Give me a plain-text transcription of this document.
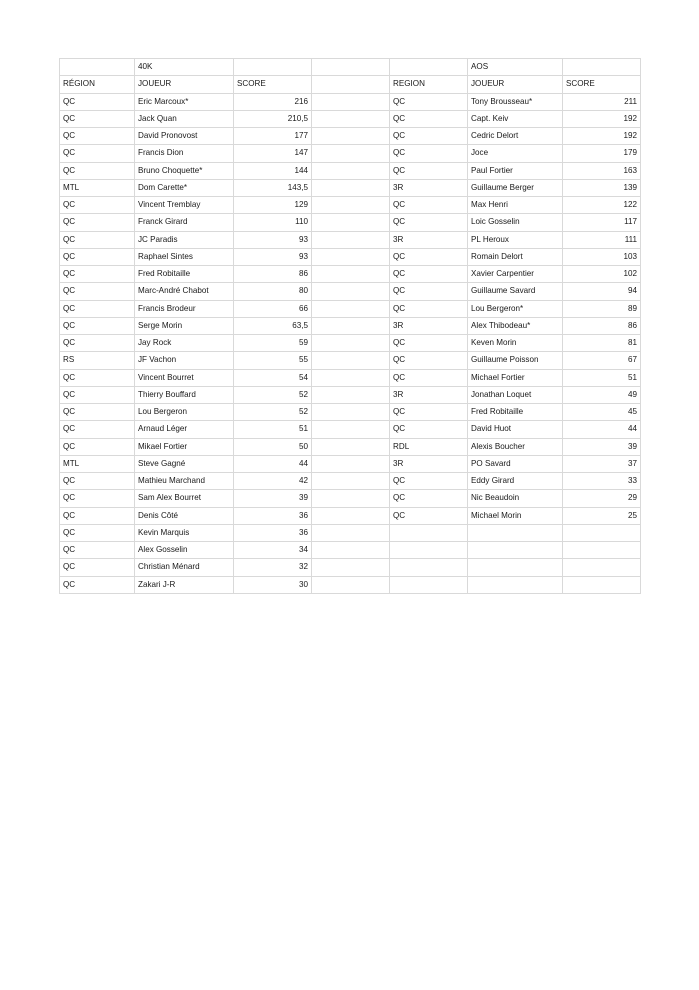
	40K				AOS	
RÉGION	JOUEUR	SCORE		REGION	JOUEUR	SCORE
QC	Eric Marcoux*	216		QC	Tony Brousseau*	211
QC	Jack Quan	210,5		QC	Capt. Keiv	192
QC	David Pronovost	177		QC	Cedric Delort	192
QC	Francis Dion	147		QC	Joce	179
QC	Bruno Choquette*	144		QC	Paul Fortier	163
MTL	Dom Carette*	143,5		3R	Guillaume Berger	139
QC	Vincent Tremblay	129		QC	Max Henri	122
QC	Franck Girard	110		QC	Loic Gosselin	117
QC	JC Paradis	93		3R	PL Heroux	111
QC	Raphael Sintes	93		QC	Romain Delort	103
QC	Fred Robitaille	86		QC	Xavier Carpentier	102
QC	Marc-André Chabot	80		QC	Guillaume Savard	94
QC	Francis Brodeur	66		QC	Lou Bergeron*	89
QC	Serge Morin	63,5		3R	Alex Thibodeau*	86
QC	Jay Rock	59		QC	Keven Morin	81
RS	JF Vachon	55		QC	Guillaume Poisson	67
QC	Vincent Bourret	54		QC	Michael Fortier	51
QC	Thierry Bouffard	52		3R	Jonathan Loquet	49
QC	Lou Bergeron	52		QC	Fred Robitaille	45
QC	Arnaud Léger	51		QC	David Huot	44
QC	Mikael Fortier	50		RDL	Alexis Boucher	39
MTL	Steve Gagné	44		3R	PO Savard	37
QC	Mathieu Marchand	42		QC	Eddy Girard	33
QC	Sam Alex Bourret	39		QC	Nic Beaudoin	29
QC	Denis Côté	36		QC	Michael Morin	25
QC	Kevin Marquis	36				
QC	Alex Gosselin	34				
QC	Christian Ménard	32				
QC	Zakari J-R	30				
